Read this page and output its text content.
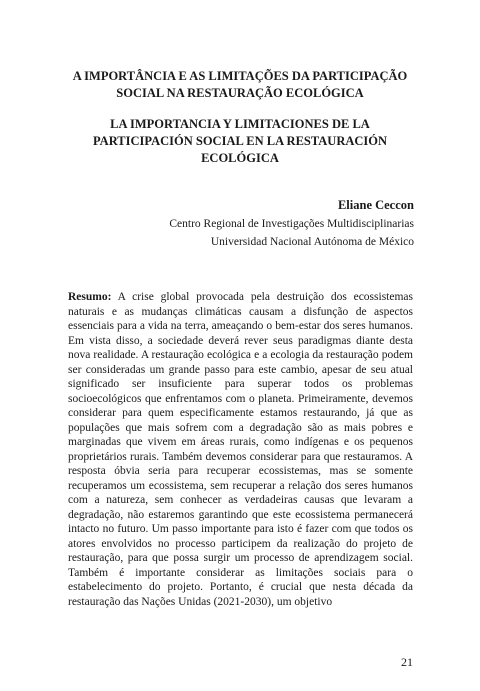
A IMPORTÂNCIA E AS LIMITAÇÕES DA PARTICIPAÇÃO SOCIAL NA RESTAURAÇÃO ECOLÓGICA
LA IMPORTANCIA Y LIMITACIONES DE LA PARTICIPACIÓN SOCIAL EN LA RESTAURACIÓN ECOLÓGICA

Eliane Ceccon

Centro Regional de Investigações Multidisciplinarias
Universidad Nacional Autónoma de México

Resumo: A crise global provocada pela destruição dos ecossistemas naturais e as mudanças climáticas causam a disfunção de aspectos essenciais para a vida na terra, ameaçando o bem-estar dos seres humanos. Em vista disso, a sociedade deverá rever seus paradigmas diante desta nova realidade. A restauração ecológica e a ecologia da restauração podem ser consideradas um grande passo para este cambio, apesar de seu atual significado ser insuficiente para superar todos os problemas socioecológicos que enfrentamos com o planeta. Primeiramente, devemos considerar para quem especificamente estamos restaurando, já que as populações que mais sofrem com a degradação são as mais pobres e marginadas que vivem em áreas rurais, como indígenas e os pequenos proprietários rurais. Também devemos considerar para que restauramos. A resposta óbvia seria para recuperar ecossistemas, mas se somente recuperamos um ecossistema, sem recuperar a relação dos seres humanos com a natureza, sem conhecer as verdadeiras causas que levaram a degradação, não estaremos garantindo que este ecossistema permanecerá intacto no futuro. Um passo importante para isto é fazer com que todos os atores envolvidos no processo participem da realização do projeto de restauração, para que possa surgir um processo de aprendizagem social. Também é importante considerar as limitações sociais para o estabelecimento do projeto. Portanto, é crucial que nesta década da restauração das Nações Unidas (2021-2030), um objetivo

21
